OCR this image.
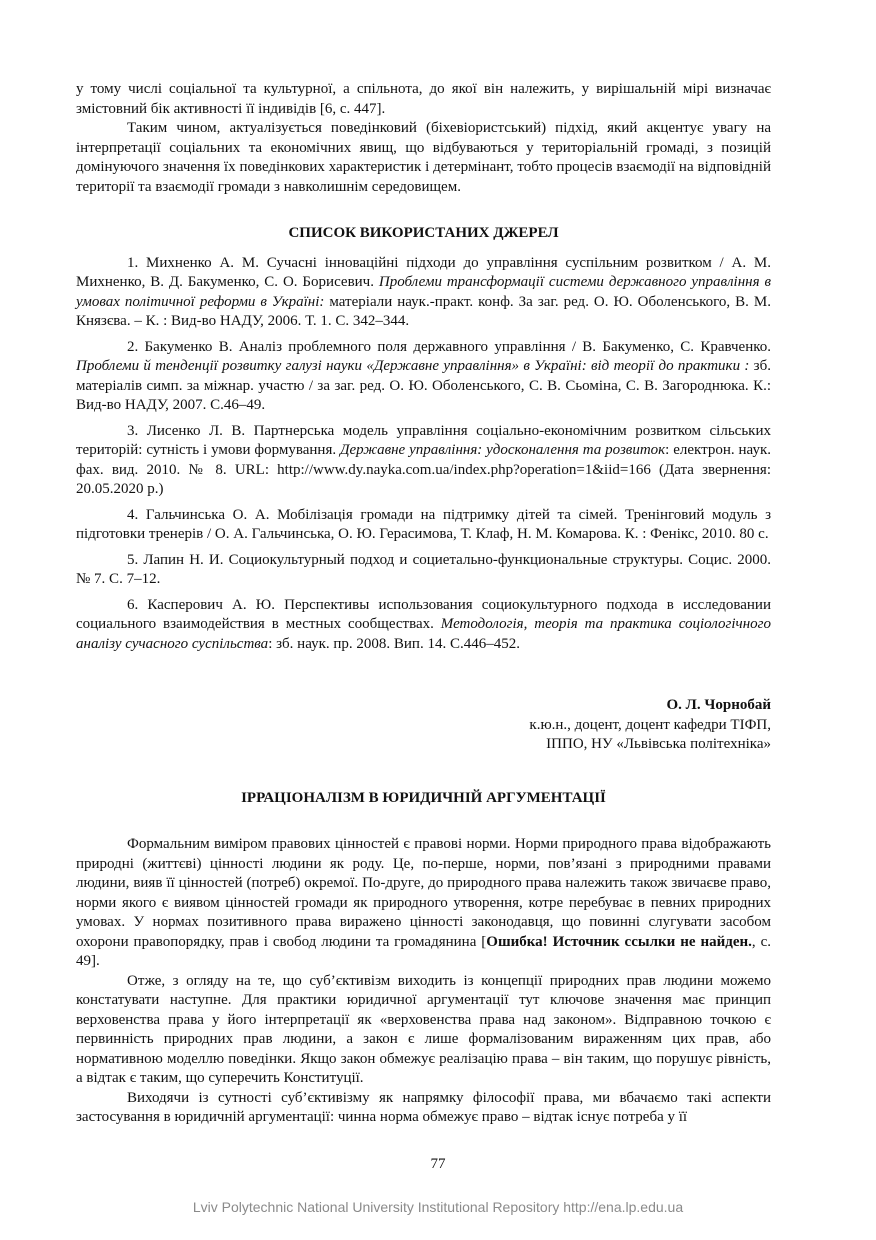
у тому числі соціальної та культурної, а спільнота, до якої він належить, у вирішальній мірі визначає змістовний бік активності її індивідів [6, с. 447].

Таким чином, актуалізується поведінковий (біхевіористський) підхід, який акцентує увагу на інтерпретації соціальних та економічних явищ, що відбуваються у територіальній громаді, з позицій домінуючого значення їх поведінкових характеристик і детермінант, тобто процесів взаємодії на відповідній території та взаємодії громади з навколишнім середовищем.

СПИСОК ВИКОРИСТАНИХ ДЖЕРЕЛ

1. Михненко А. М. Сучасні інноваційні підходи до управління суспільним розвитком / А. М. Михненко, В. Д. Бакуменко, С. О. Борисевич. Проблеми трансформації системи державного управління в умовах політичної реформи в Україні: матеріали наук.-практ. конф. За заг. ред. О. Ю. Оболенського, В. М. Князєва. – К. : Вид-во НАДУ, 2006. Т. 1. С. 342–344.

2. Бакуменко В. Аналіз проблемного поля державного управління / В. Бакуменко, С. Кравченко. Проблеми й тенденції розвитку галузі науки «Державне управління» в Україні: від теорії до практики : зб. матеріалів симп. за міжнар. участю / за заг. ред. О. Ю. Оболенського, С. В. Сьоміна, С. В. Загороднюка. К.: Вид-во НАДУ, 2007. С.46–49.

3. Лисенко Л. В. Партнерська модель управління соціально-економічним розвитком сільських територій: сутність і умови формування. Державне управління: удосконалення та розвиток: електрон. наук. фах. вид. 2010. № 8. URL: http://www.dy.nayka.com.ua/index.php?operation=1&iid=166 (Дата звернення: 20.05.2020 р.)

4. Гальчинська О. А. Мобілізація громади на підтримку дітей та сімей. Тренінговий модуль з підготовки тренерів / О. А. Гальчинська, О. Ю. Герасимова, Т. Клаф, Н. М. Комарова. К. : Фенікс, 2010. 80 с.

5. Лапин Н. И. Социокультурный подход и социетально-функциональные структуры. Социс. 2000. № 7. С. 7–12.

6. Касперович А. Ю. Перспективы использования социокультурного подхода в исследовании социального взаимодействия в местных сообществах. Методологія, теорія та практика соціологічного аналізу сучасного суспільства: зб. наук. пр. 2008. Вип. 14. С.446–452.

О. Л. Чорнобай
к.ю.н., доцент, доцент кафедри ТІФП,
ІППО, НУ «Львівська політехніка»
ІРРАЦІОНАЛІЗМ В ЮРИДИЧНІЙ АРГУМЕНТАЦІЇ

Формальним виміром правових цінностей є правові норми. Норми природного права відображають природні (життєві) цінності людини як роду. Це, по-перше, норми, пов’язані з природними правами людини, вияв її цінностей (потреб) окремої. По-друге, до природного права належить також звичаєве право, норми якого є виявом цінностей громади як природного утворення, котре перебуває в певних природних умовах. У нормах позитивного права виражено цінності законодавця, що повинні слугувати засобом охорони правопорядку, прав і свобод людини та громадянина [Ошибка! Источник ссылки не найден., с. 49].

Отже, з огляду на те, що суб’єктивізм виходить із концепції природних прав людини можемо констатувати наступне. Для практики юридичної аргументації тут ключове значення має принцип верховенства права у його інтерпретації як «верховенства права над законом». Відправною точкою є первинність природних прав людини, а закон є лише формалізованим вираженням цих прав, або нормативною моделлю поведінки. Якщо закон обмежує реалізацію права – він таким, що порушує рівність, а відтак є таким, що суперечить Конституції.

Виходячи із сутності суб’єктивізму як напрямку філософії права, ми вбачаємо такі аспекти застосування в юридичній аргументації: чинна норма обмежує право – відтак існує потреба у її

77
Lviv Polytechnic National University Institutional Repository http://ena.lp.edu.ua
